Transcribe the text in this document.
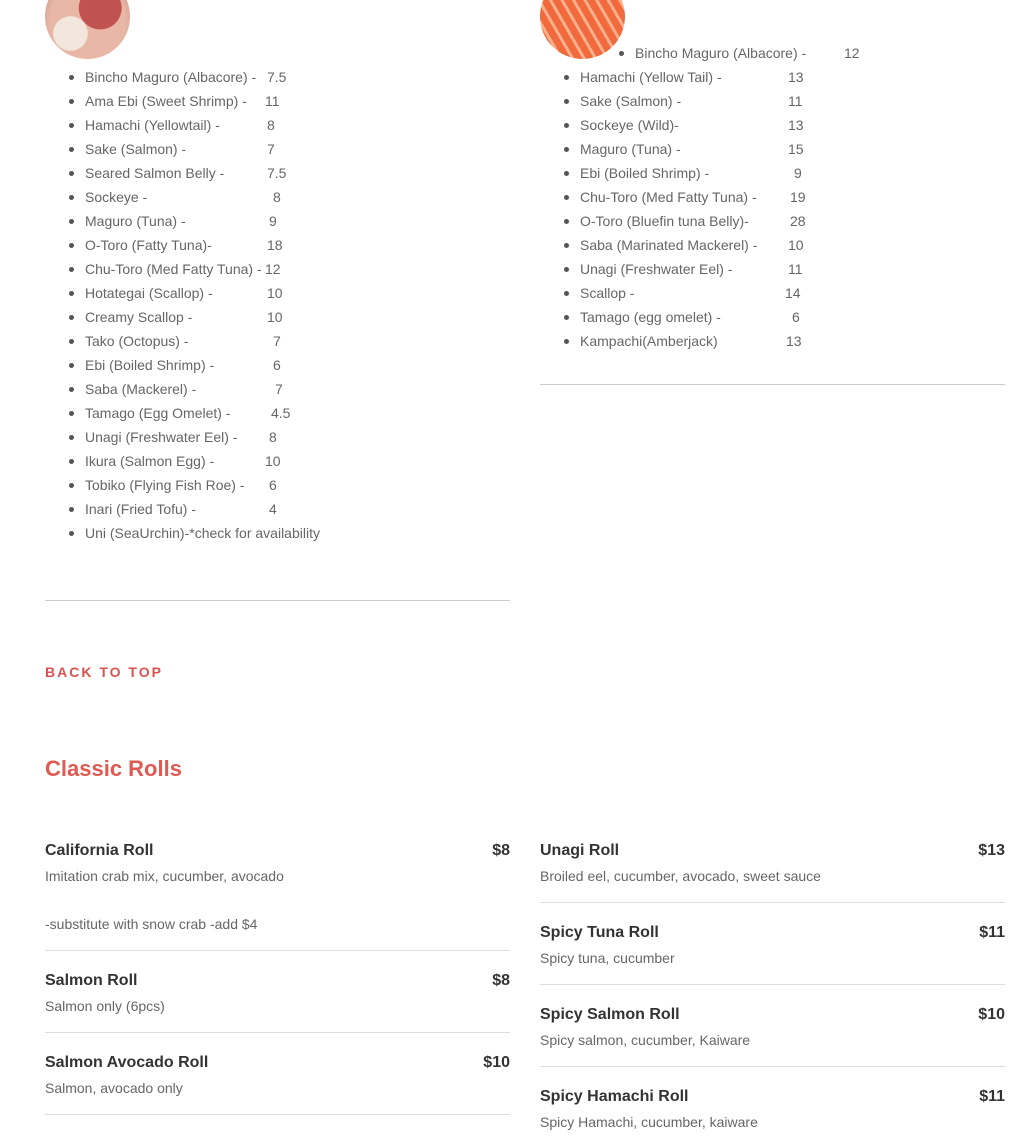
Bincho Maguro (Albacore) - 7.5
Ama Ebi (Sweet Shrimp) - 11
Hamachi (Yellowtail) -	8
Sake (Salmon) -	7
Seared Salmon Belly -	7.5
Sockeye -	8
Maguro (Tuna) -	9
O-Toro (Fatty Tuna)-	18
Chu-Toro (Med Fatty Tuna) - 12
Hotategai (Scallop) -	10
Creamy Scallop -	10
Tako (Octopus) -	7
Ebi (Boiled Shrimp) -	6
Saba (Mackerel) -	7
Tamago (Egg Omelet) -	4.5
Unagi (Freshwater Eel) - 8
Ikura (Salmon Egg) -	10
Tobiko (Flying Fish Roe) - 6
Inari (Fried Tofu) -	4
Uni (SeaUrchin)-*check for availability
Bincho Maguro (Albacore) -	12
Hamachi (Yellow Tail) -	13
Sake (Salmon) -	11
Sockeye (Wild)-	13
Maguro (Tuna) -	15
Ebi (Boiled Shrimp) -	9
Chu-Toro (Med Fatty Tuna) - 19
O-Toro (Bluefin tuna Belly)-	28
Saba (Marinated Mackerel) - 10
Unagi (Freshwater Eel) -	11
Scallop -	14
Tamago (egg omelet) -	6
Kampachi(Amberjack)	13
BACK TO TOP
Classic Rolls
California Roll	$8
Imitation crab mix, cucumber, avocado
-substitute with snow crab -add $4
Salmon Roll	$8
Salmon only (6pcs)
Salmon Avocado Roll	$10
Salmon, avocado only
Unagi Roll	$13
Broiled eel, cucumber, avocado, sweet sauce
Spicy Tuna Roll	$11
Spicy tuna, cucumber
Spicy Salmon Roll	$10
Spicy salmon, cucumber, Kaiware
Spicy Hamachi Roll	$11
Spicy Hamachi, cucumber, kaiware
